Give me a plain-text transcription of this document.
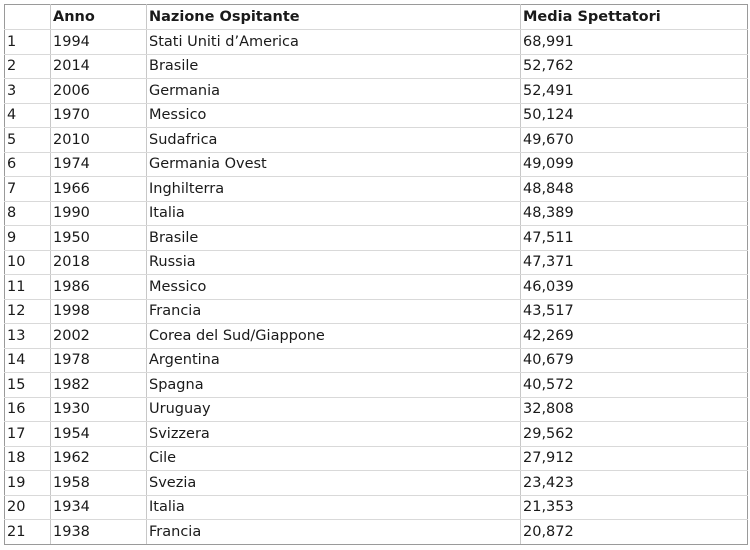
	Anno	Nazione Ospitante	Media Spettatori
1	1994	Stati Uniti d’America	68,991
2	2014	Brasile	52,762
3	2006	Germania	52,491
4	1970	Messico	50,124
5	2010	Sudafrica	49,670
6	1974	Germania Ovest	49,099
7	1966	Inghilterra	48,848
8	1990	Italia	48,389
9	1950	Brasile	47,511
10	2018	Russia	47,371
11	1986	Messico	46,039
12	1998	Francia	43,517
13	2002	Corea del Sud/Giappone	42,269
14	1978	Argentina	40,679
15	1982	Spagna	40,572
16	1930	Uruguay	32,808
17	1954	Svizzera	29,562
18	1962	Cile	27,912
19	1958	Svezia	23,423
20	1934	Italia	21,353
21	1938	Francia	20,872
